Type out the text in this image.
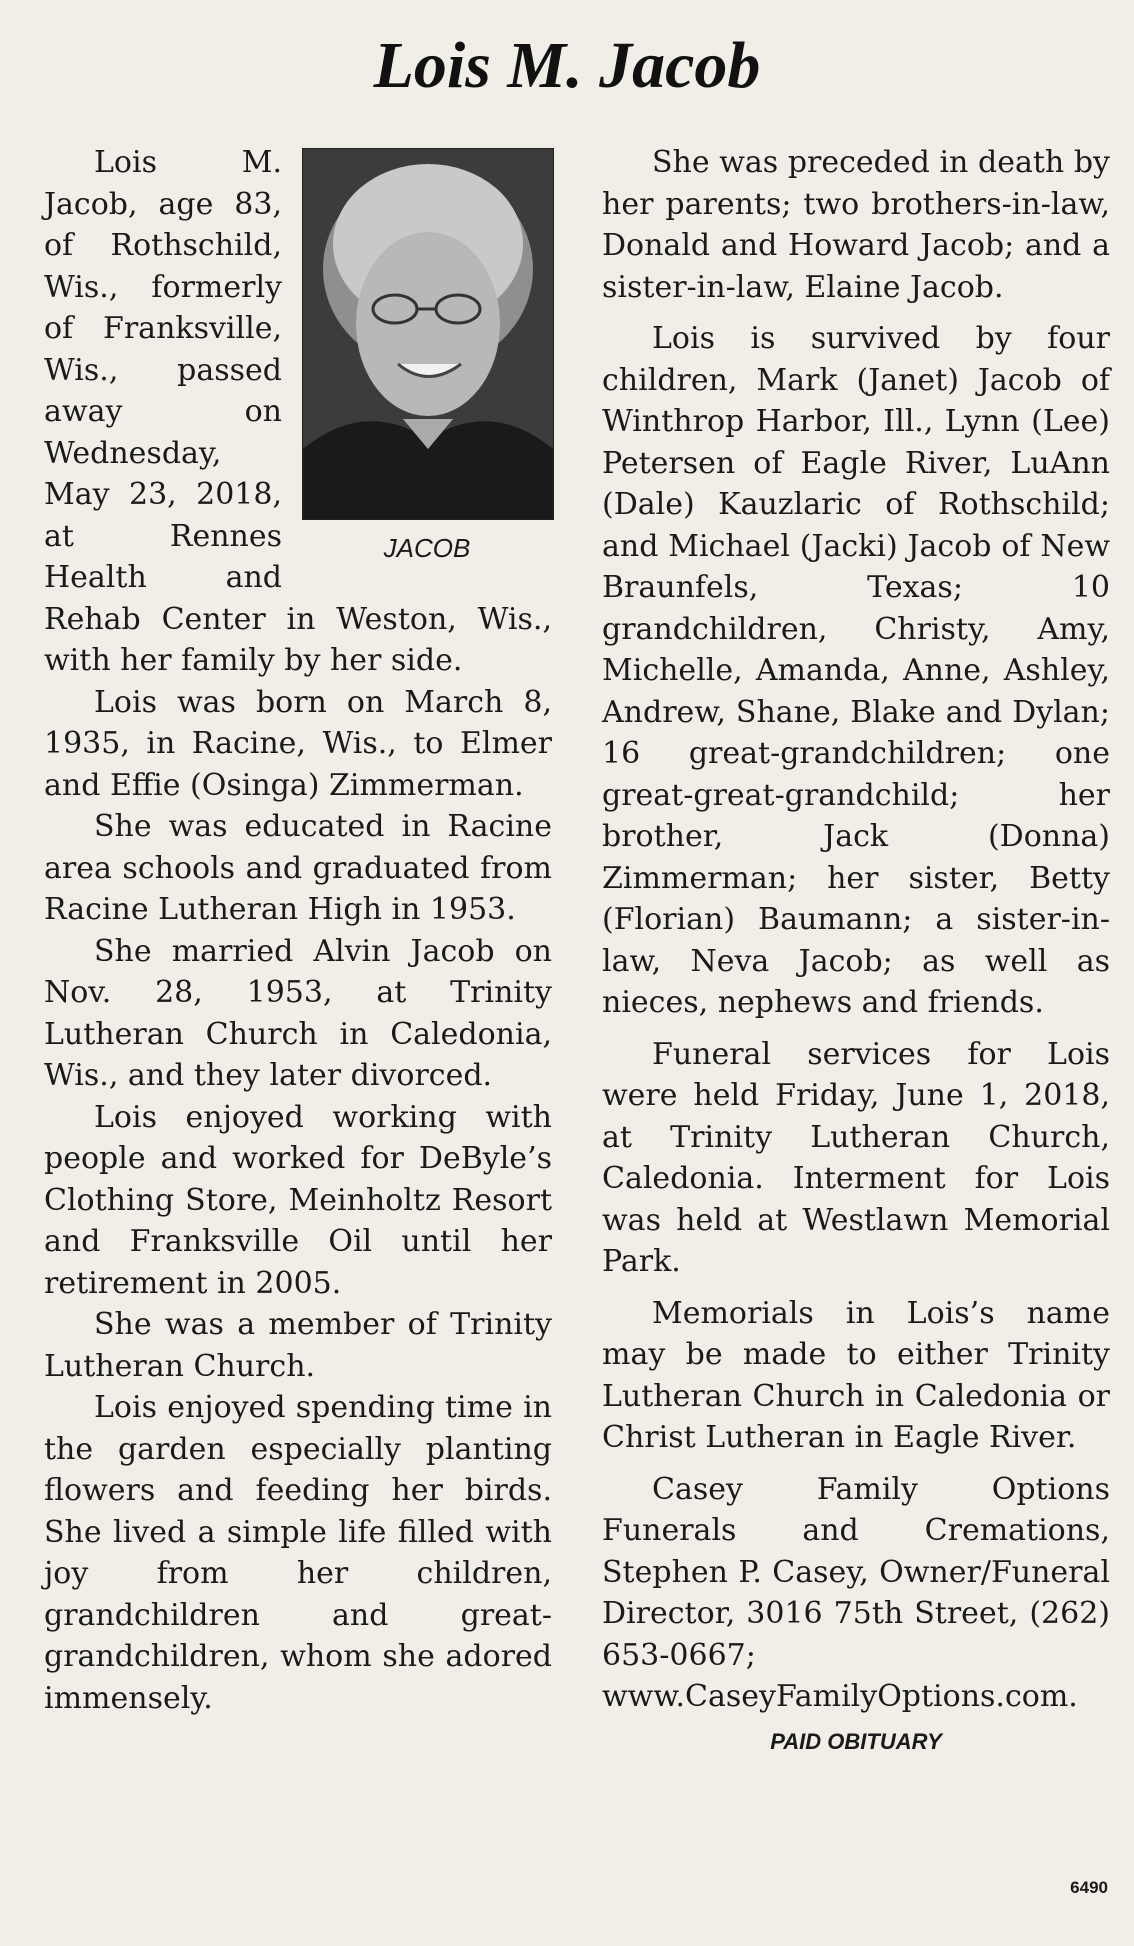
Lois M. Jacob
JACOB

Lois M. Jacob, age 83, of Rothschild, Wis., formerly of Franksville, Wis., passed away on Wednesday, May 23, 2018, at Rennes Health and Rehab Center in Weston, Wis., with her family by her side.

Lois was born on March 8, 1935, in Racine, Wis., to Elmer and Effie (Osinga) Zimmerman.

She was educated in Racine area schools and graduated from Racine Lutheran High in 1953.

She married Alvin Jacob on Nov. 28, 1953, at Trinity Lutheran Church in Caledonia, Wis., and they later divorced.

Lois enjoyed working with people and worked for DeByle’s Clothing Store, Meinholtz Resort and Franksville Oil until her retirement in 2005.

She was a member of Trinity Lutheran Church.

Lois enjoyed spending time in the garden especially planting flowers and feeding her birds. She lived a simple life filled with joy from her children, grandchildren and great-grandchildren, whom she adored immensely.

She was preceded in death by her parents; two brothers-in-law, Donald and Howard Jacob; and a sister-in-law, Elaine Jacob.

Lois is survived by four children, Mark (Janet) Jacob of Winthrop Harbor, Ill., Lynn (Lee) Petersen of Eagle River, LuAnn (Dale) Kauzlaric of Rothschild; and Michael (Jacki) Jacob of New Braunfels, Texas; 10 grandchildren, Christy, Amy, Michelle, Amanda, Anne, Ashley, Andrew, Shane, Blake and Dylan; 16 great-grandchildren; one great-great-grandchild; her brother, Jack (Donna) Zimmerman; her sister, Betty (Florian) Baumann; a sister-in-law, Neva Jacob; as well as nieces, nephews and friends.

Funeral services for Lois were held Friday, June 1, 2018, at Trinity Lutheran Church, Caledonia. Interment for Lois was held at Westlawn Memorial Park.

Memorials in Lois’s name may be made to either Trinity Lutheran Church in Caledonia or Christ Lutheran in Eagle River.

Casey Family Options Funerals and Cremations, Stephen P. Casey, Owner/Funeral Director, 3016 75th Street, (262) 653-0667; www.CaseyFamilyOptions.com.

PAID OBITUARY
6490
